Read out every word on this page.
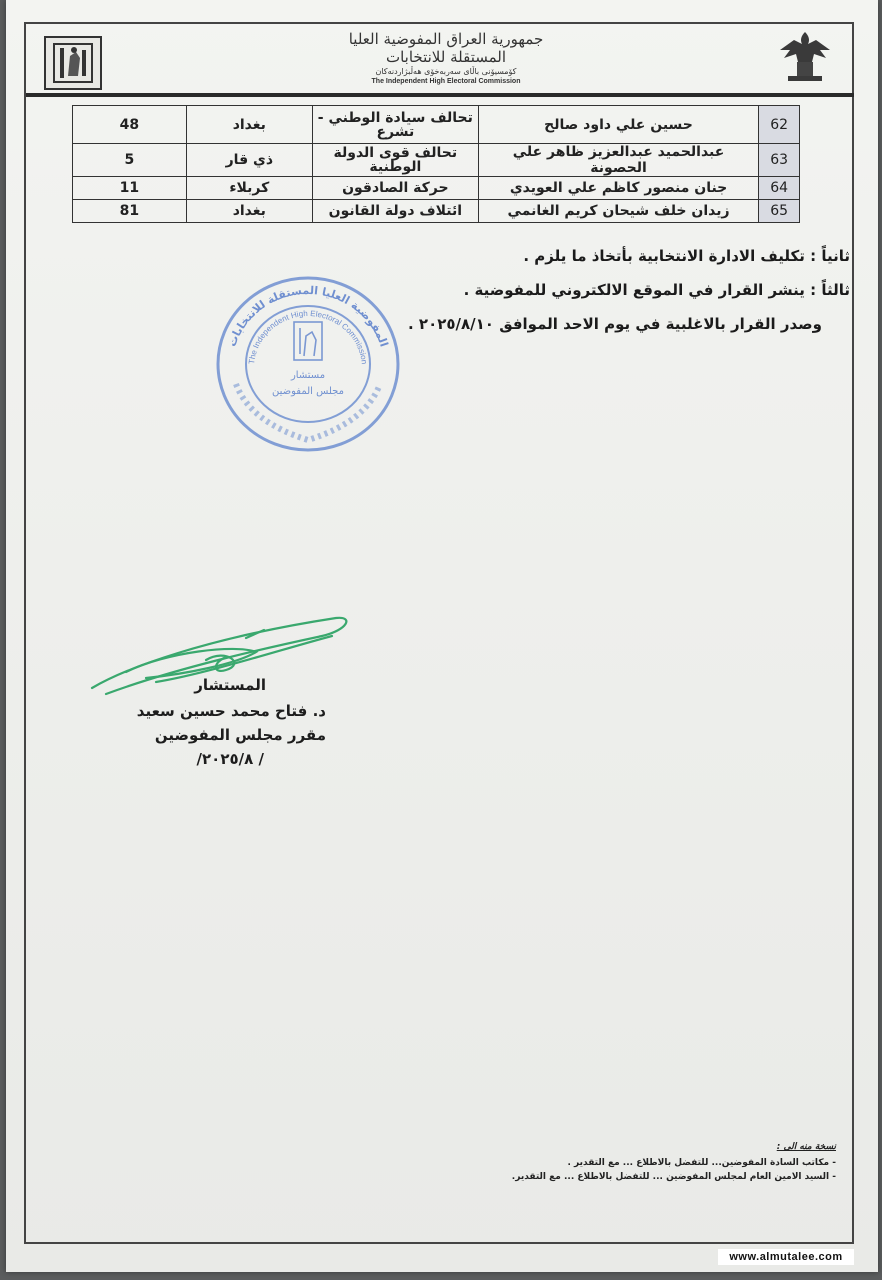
جمهورية العراق المفوضية العليا المستقلة للانتخابات
کۆمسیۆنی باڵای سەربەخۆی هەڵبژاردنەکان
The Independent High Electoral Commission
62	حسين علي داود صالح	تحالف سيادة الوطني - تشرع	بغداد	48
63	عبدالحميد عبدالعزيز ظاهر علي الحصونة	تحالف قوى الدولة الوطنية	ذي قار	5
64	جنان منصور كاظم علي العويدي	حركة الصادقون	كربلاء	11
65	زيدان خلف شيحان كريم الغانمي	ائتلاف دولة القانون	بغداد	81
ثانياً : تكليف الادارة الانتخابية بأتخاذ ما يلزم .
ثالثاً : ينشر القرار في الموقع الالكتروني للمفوضية .
وصدر القرار بالاغلبية في يوم الاحد الموافق ٢٠٢٥/٨/١٠ .
المفوضية العليا المستقلة للانتخابات
The Independent High Electoral Commission
مستشار
مجلس المفوضين
المستشار
د. فتاح محمد حسين سعيد
مقرر مجلس المفوضين
/ ٢٠٢٥/٨/
نسخة منه الى :
- مكاتب السادة المفوضين... للتفضل بالاطلاع ... مع التقدير .
- السيد الامين العام لمجلس المفوضين ... للتفضل بالاطلاع ... مع التقدير.
www.almutalee.com
